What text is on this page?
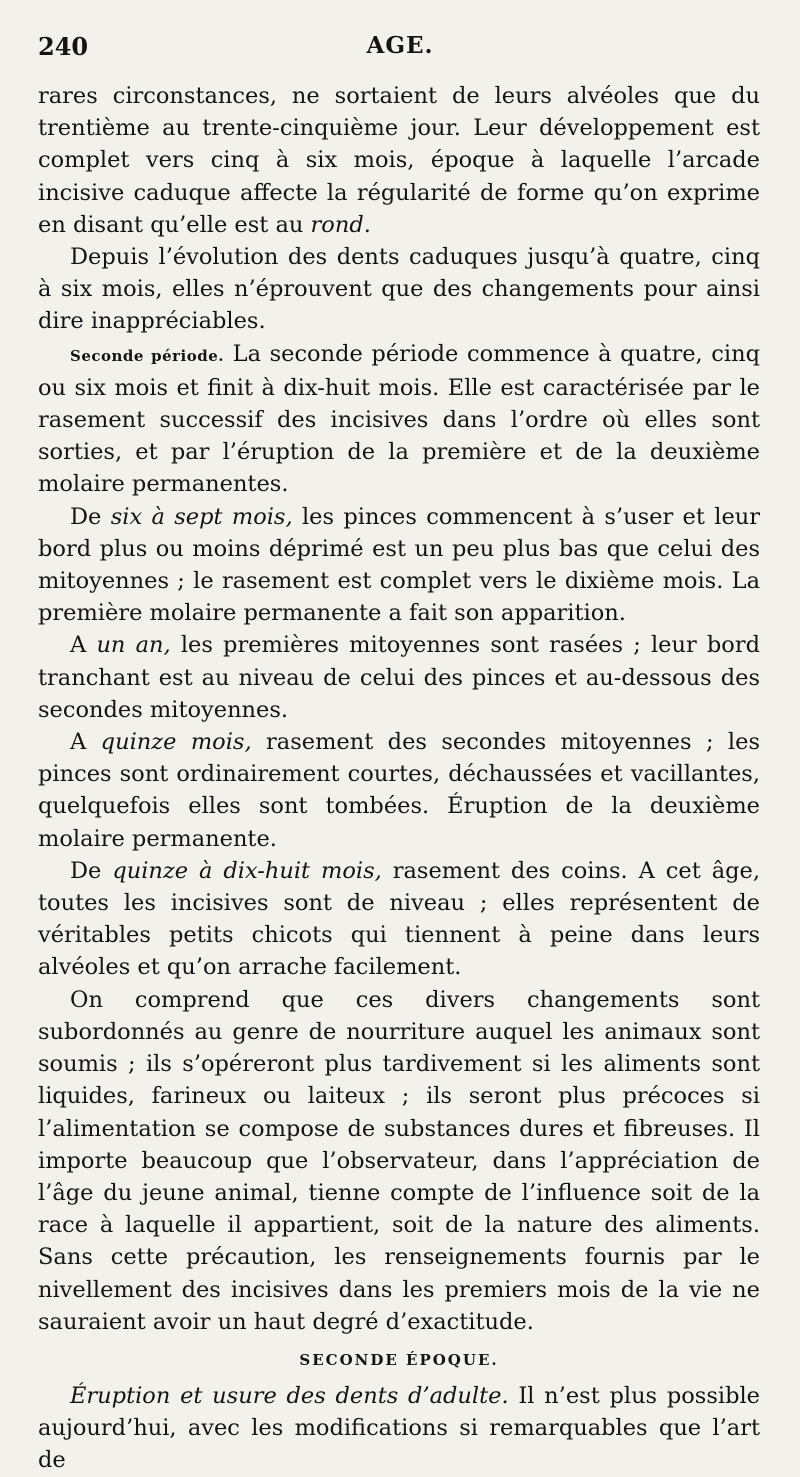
240	AGE.

rares circonstances, ne sortaient de leurs alvéoles que du trentième au trente-cinquième jour. Leur développement est complet vers cinq à six mois, époque à laquelle l’arcade incisive caduque affecte la régularité de forme qu’on exprime en disant qu’elle est au rond.

Depuis l’évolution des dents caduques jusqu’à quatre, cinq à six mois, elles n’éprouvent que des changements pour ainsi dire inappréciables.

Seconde période. La seconde période commence à quatre, cinq ou six mois et finit à dix-huit mois. Elle est caractérisée par le rasement successif des incisives dans l’ordre où elles sont sorties, et par l’éruption de la première et de la deuxième molaire permanentes.

De six à sept mois, les pinces commencent à s’user et leur bord plus ou moins déprimé est un peu plus bas que celui des mitoyennes ; le rasement est complet vers le dixième mois. La première molaire permanente a fait son apparition.

A un an, les premières mitoyennes sont rasées ; leur bord tranchant est au niveau de celui des pinces et au-dessous des secondes mitoyennes.

A quinze mois, rasement des secondes mitoyennes ; les pinces sont ordinairement courtes, déchaussées et vacillantes, quelquefois elles sont tombées. Éruption de la deuxième molaire permanente.

De quinze à dix-huit mois, rasement des coins. A cet âge, toutes les incisives sont de niveau ; elles représentent de véritables petits chicots qui tiennent à peine dans leurs alvéoles et qu’on arrache facilement.

On comprend que ces divers changements sont subordonnés au genre de nourriture auquel les animaux sont soumis ; ils s’opéreront plus tardivement si les aliments sont liquides, farineux ou laiteux ; ils seront plus précoces si l’alimentation se compose de substances dures et fibreuses. Il importe beaucoup que l’observateur, dans l’appréciation de l’âge du jeune animal, tienne compte de l’influence soit de la race à laquelle il appartient, soit de la nature des aliments. Sans cette précaution, les renseignements fournis par le nivellement des incisives dans les premiers mois de la vie ne sauraient avoir un haut degré d’exactitude.

SECONDE ÉPOQUE.

Éruption et usure des dents d’adulte. Il n’est plus possible aujourd’hui, avec les modifications si remarquables que l’art de
